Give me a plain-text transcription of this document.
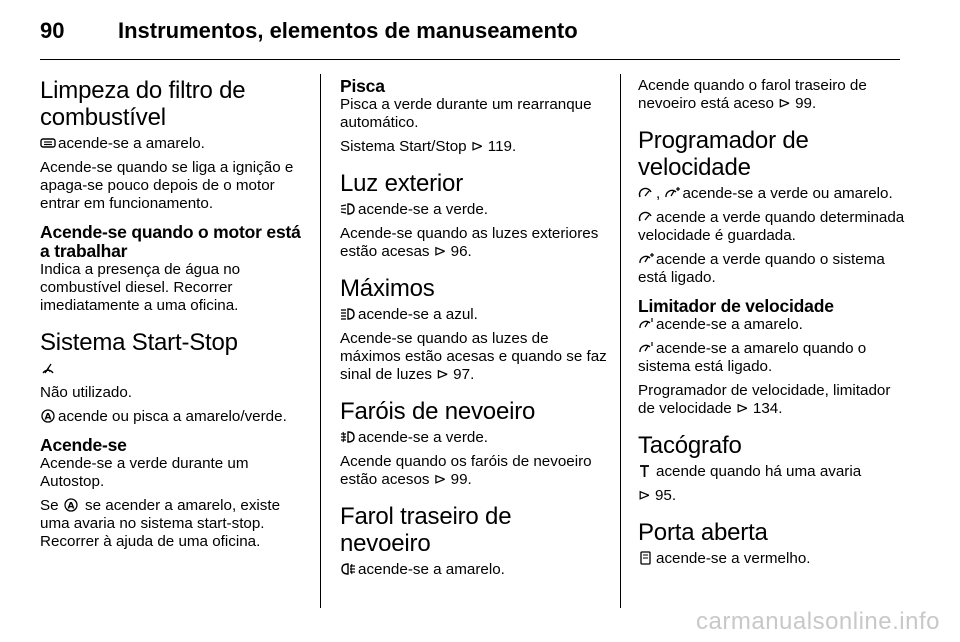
90 Instrumentos, elementos de manuseamento
Limpeza do filtro de combustível

acende-se a amarelo.

Acende-se quando se liga a ignição e apaga-se pouco depois de o motor entrar em funcionamento.

Acende-se quando o motor está a trabalhar

Indica a presença de água no combustível diesel. Recorrer imediatamente a uma oficina.

Sistema Start-Stop

A

Não utilizado.

A acende ou pisca a amarelo/verde.

Acende-se

Acende-se a verde durante um Autostop.

Se A se acender a amarelo, existe uma avaria no sistema start-stop. Recorrer à ajuda de uma oficina.

Pisca

Pisca a verde durante um rearranque automático.

Sistema Start/Stop ⊳ 119.

Luz exterior

acende-se a verde.

Acende-se quando as luzes exteriores estão acesas ⊳ 96.

Máximos

acende-se a azul.

Acende-se quando as luzes de máximos estão acesas e quando se faz sinal de luzes ⊳ 97.

Faróis de nevoeiro

acende-se a verde.

Acende quando os faróis de nevoeiro estão acesos ⊳ 99.

Farol traseiro de nevoeiro

acende-se a amarelo.

Acende quando o farol traseiro de nevoeiro está aceso ⊳ 99.

Programador de velocidade

,
acende-se a verde ou amarelo.

acende a verde quando determinada velocidade é guardada.

acende a verde quando o sistema está ligado.

Limitador de velocidade

acende-se a amarelo.

acende-se a amarelo quando o sistema está ligado.

Programador de velocidade, limitador de velocidade ⊳ 134.

Tacógrafo

acende quando há uma avaria

⊳ 95.

Porta aberta

acende-se a vermelho.

carmanualsonline.info
